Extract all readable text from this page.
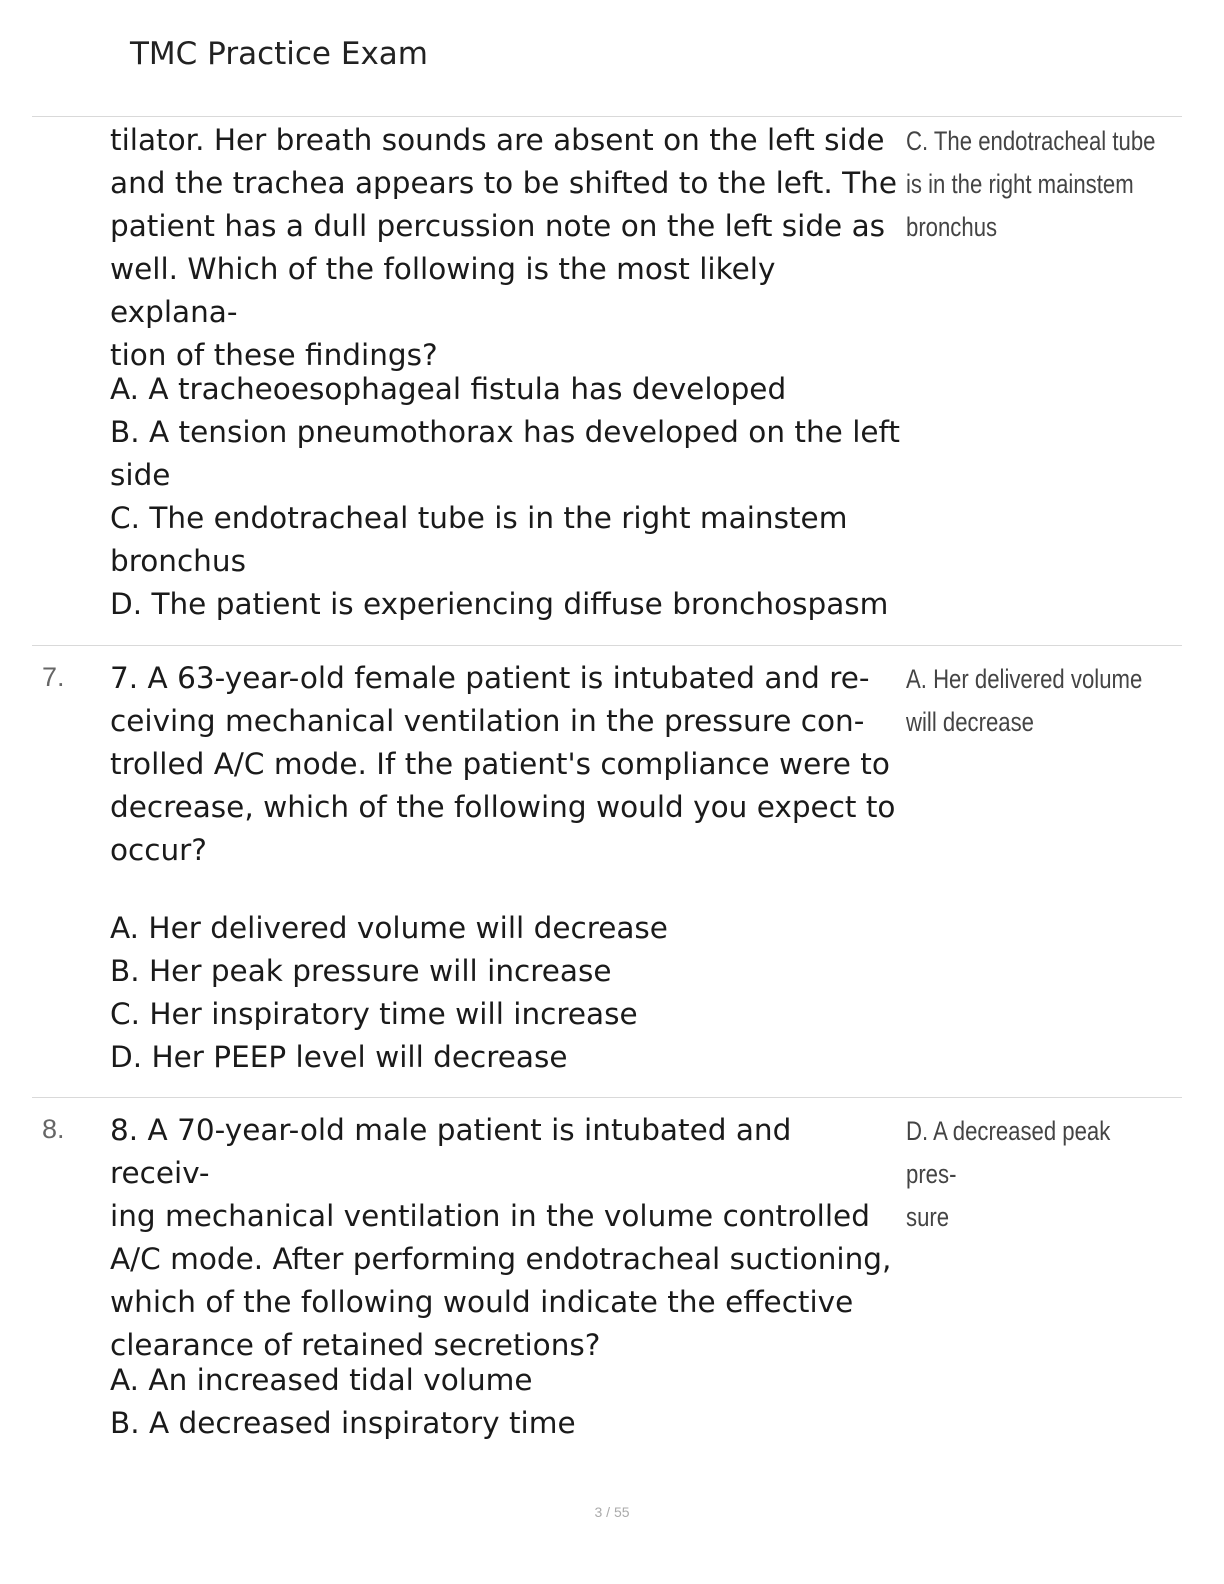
TMC Practice Exam

tilator. Her breath sounds are absent on the left side

and the trachea appears to be shifted to the left. The

patient has a dull percussion note on the left side as

well. Which of the following is the most likely explana-

tion of these findings?

A. A tracheoesophageal fistula has developed
B. A tension pneumothorax has developed on the left
side
C. The endotracheal tube is in the right mainstem
bronchus
D. The patient is experiencing diffuse bronchospasm
C. The endotracheal tube
is in the right mainstem
bronchus
7. 7. A 63-year-old female patient is intubated and re-

ceiving mechanical ventilation in the pressure con-

trolled A/C mode. If the patient's compliance were to

decrease, which of the following would you expect to

occur?

A. Her delivered volume will decrease
B. Her peak pressure will increase
C. Her inspiratory time will increase
D. Her PEEP level will decrease
A. Her delivered volume
will decrease
8. 8. A 70-year-old male patient is intubated and receiv-

ing mechanical ventilation in the volume controlled

A/C mode. After performing endotracheal suctioning,

which of the following would indicate the effective

clearance of retained secretions?

A. An increased tidal volume
B. A decreased inspiratory time
D. A decreased peak pres-
sure
3 / 55
